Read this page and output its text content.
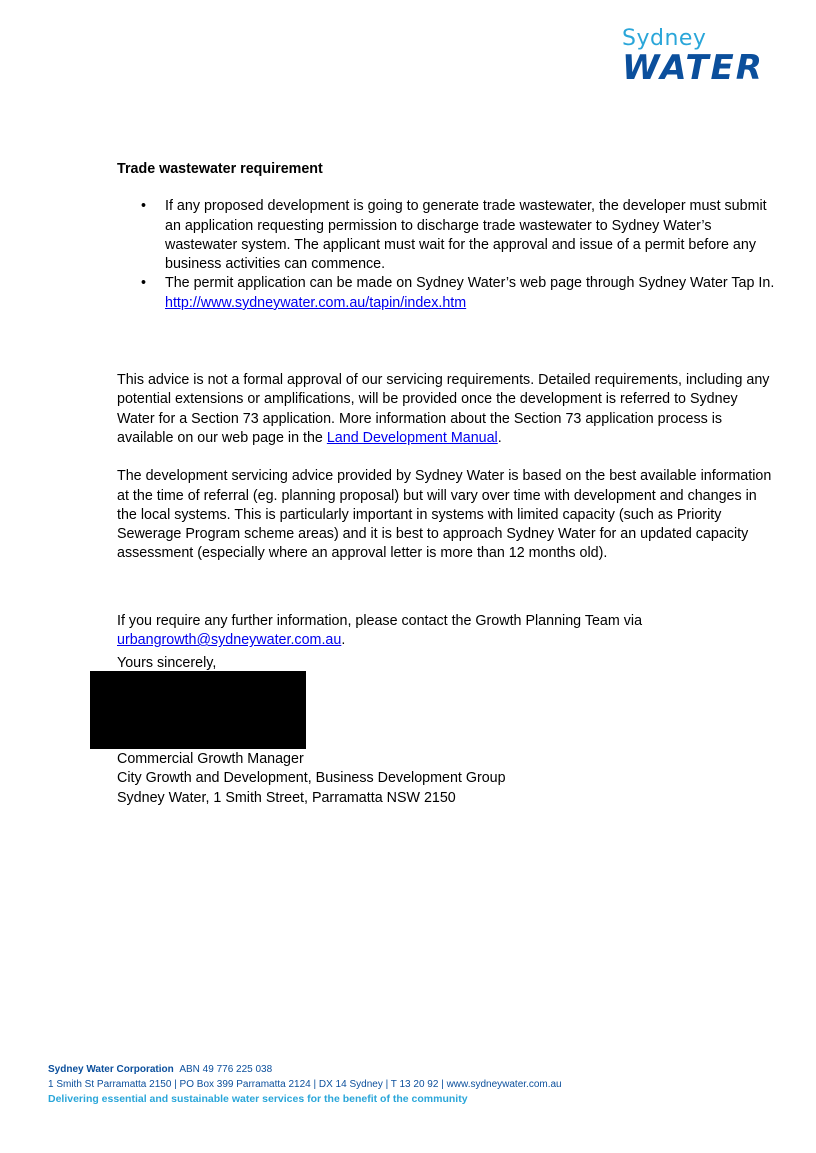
Sydney
WATER

Trade wastewater requirement

• If any proposed development is going to generate trade wastewater, the developer must submit an application requesting permission to discharge trade wastewater to Sydney Water’s wastewater system. The applicant must wait for the approval and issue of a permit before any business activities can commence.
• The permit application can be made on Sydney Water’s web page through Sydney Water Tap In. http://www.sydneywater.com.au/tapin/index.htm

This advice is not a formal approval of our servicing requirements. Detailed requirements, including any potential extensions or amplifications, will be provided once the development is referred to Sydney Water for a Section 73 application. More information about the Section 73 application process is available on our web page in the Land Development Manual.

The development servicing advice provided by Sydney Water is based on the best available information at the time of referral (eg. planning proposal) but will vary over time with development and changes in the local systems. This is particularly important in systems with limited capacity (such as Priority Sewerage Program scheme areas) and it is best to approach Sydney Water for an updated capacity assessment (especially where an approval letter is more than 12 months old).

If you require any further information, please contact the Growth Planning Team via urbangrowth@sydneywater.com.au.

Yours sincerely,
Commercial Growth Manager
City Growth and Development, Business Development Group
Sydney Water, 1 Smith Street, Parramatta NSW 2150
Sydney Water Corporation ABN 49 776 225 038
1 Smith St Parramatta 2150 | PO Box 399 Parramatta 2124 | DX 14 Sydney | T 13 20 92 | www.sydneywater.com.au
Delivering essential and sustainable water services for the benefit of the community
